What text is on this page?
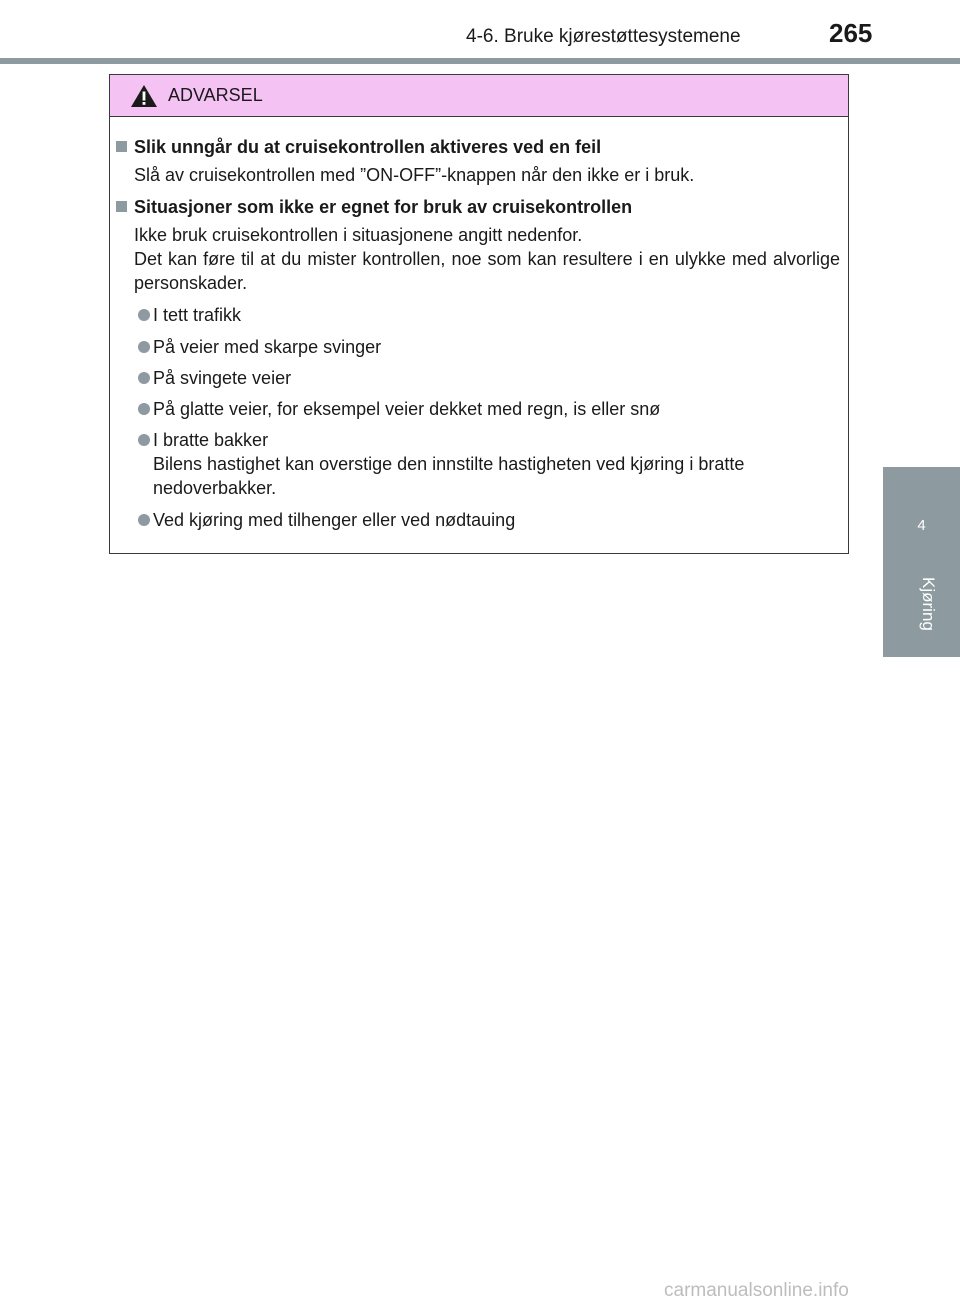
4-6. Bruke kjørestøttesystemene	265
4
Kjøring
ADVARSEL
Slik unngår du at cruisekontrollen aktiveres ved en feil
Slå av cruisekontrollen med ”ON-OFF”-knappen når den ikke er i bruk.
Situasjoner som ikke er egnet for bruk av cruisekontrollen
Ikke bruk cruisekontrollen i situasjonene angitt nedenfor.
Det kan føre til at du mister kontrollen, noe som kan resultere i en ulykke med alvorlige personskader.
I tett trafikk
På veier med skarpe svinger
På svingete veier
På glatte veier, for eksempel veier dekket med regn, is eller snø
I bratte bakker
Bilens hastighet kan overstige den innstilte hastigheten ved kjøring i bratte nedoverbakker.
Ved kjøring med tilhenger eller ved nødtauing
carmanualsonline.info
